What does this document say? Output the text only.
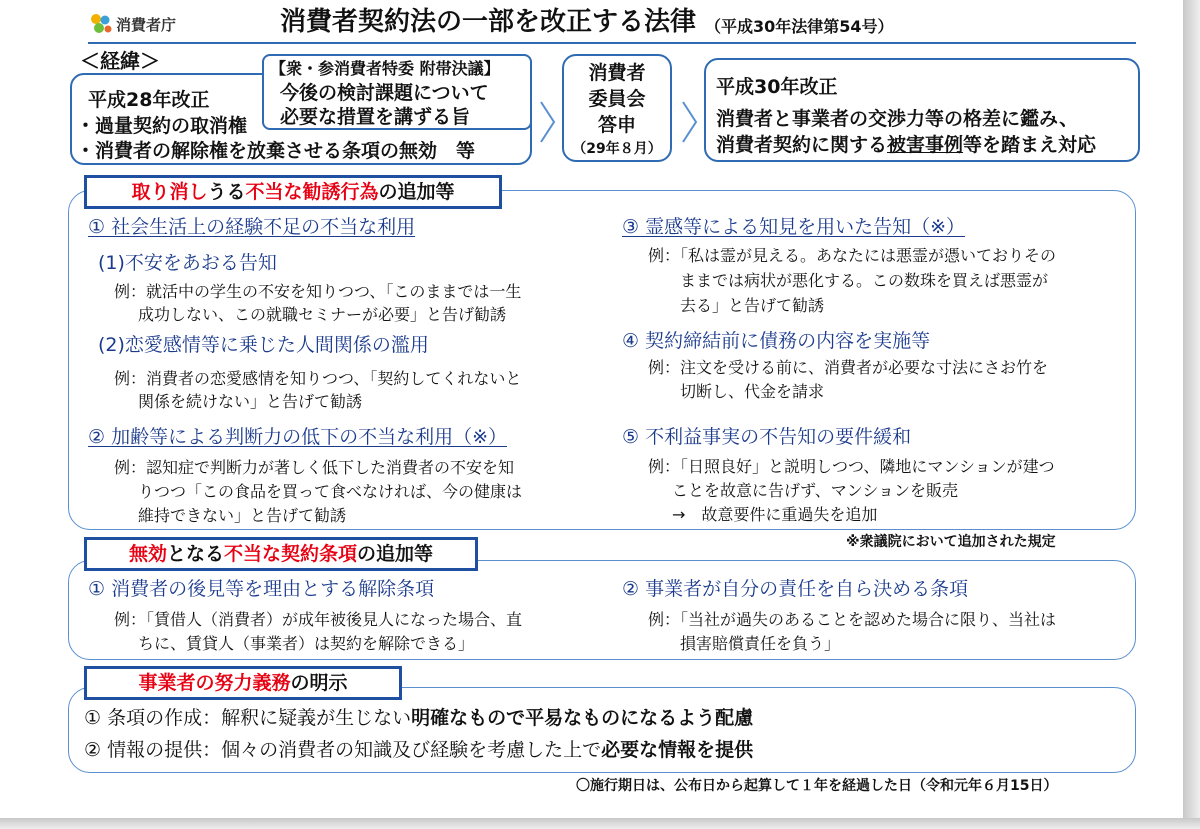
消費者庁	消費者契約法の一部を改正する法律 （平成30年法律第54号）
＜経緯＞
平成28年改正
・過量契約の取消権
・消費者の解除権を放棄させる条項の無効　等
【衆・参消費者特委 附帯決議】
今後の検討課題について
必要な措置を講ずる旨
消費者
委員会
答申
（29年８月）
平成30年改正
消費者と事業者の交渉力等の格差に鑑み、
消費者契約に関する被害事例等を踏まえ対応
取り消しうる不当な勧誘行為の追加等
① 社会生活上の経験不足の不当な利用
(1)不安をあおる告知
例：就活中の学生の不安を知りつつ、「このままでは一生
成功しない、この就職セミナーが必要」と告げ勧誘
(2)恋愛感情等に乗じた人間関係の濫用
例：消費者の恋愛感情を知りつつ、「契約してくれないと
関係を続けない」と告げて勧誘
② 加齢等による判断力の低下の不当な利用（※）
例：認知症で判断力が著しく低下した消費者の不安を知
りつつ「この食品を買って食べなければ、今の健康は
維持できない」と告げて勧誘
③ 霊感等による知見を用いた告知（※）
例：「私は霊が見える。あなたには悪霊が憑いておりその
ままでは病状が悪化する。この数珠を買えば悪霊が
去る」と告げて勧誘
④ 契約締結前に債務の内容を実施等
例：注文を受ける前に、消費者が必要な寸法にさお竹を
切断し、代金を請求
⑤ 不利益事実の不告知の要件緩和
例：「日照良好」と説明しつつ、隣地にマンションが建つ
ことを故意に告げず、マンションを販売
→　故意要件に重過失を追加
※衆議院において追加された規定
無効となる不当な契約条項の追加等
① 消費者の後見等を理由とする解除条項
例：「賃借人（消費者）が成年被後見人になった場合、直
ちに、賃貸人（事業者）は契約を解除できる」
② 事業者が自分の責任を自ら決める条項
例：「当社が過失のあることを認めた場合に限り、当社は
損害賠償責任を負う」
事業者の努力義務の明示
① 条項の作成：解釈に疑義が生じない明確なもので平易なものになるよう配慮
② 情報の提供：個々の消費者の知識及び経験を考慮した上で必要な情報を提供
〇施行期日は、公布日から起算して１年を経過した日（令和元年６月15日）
